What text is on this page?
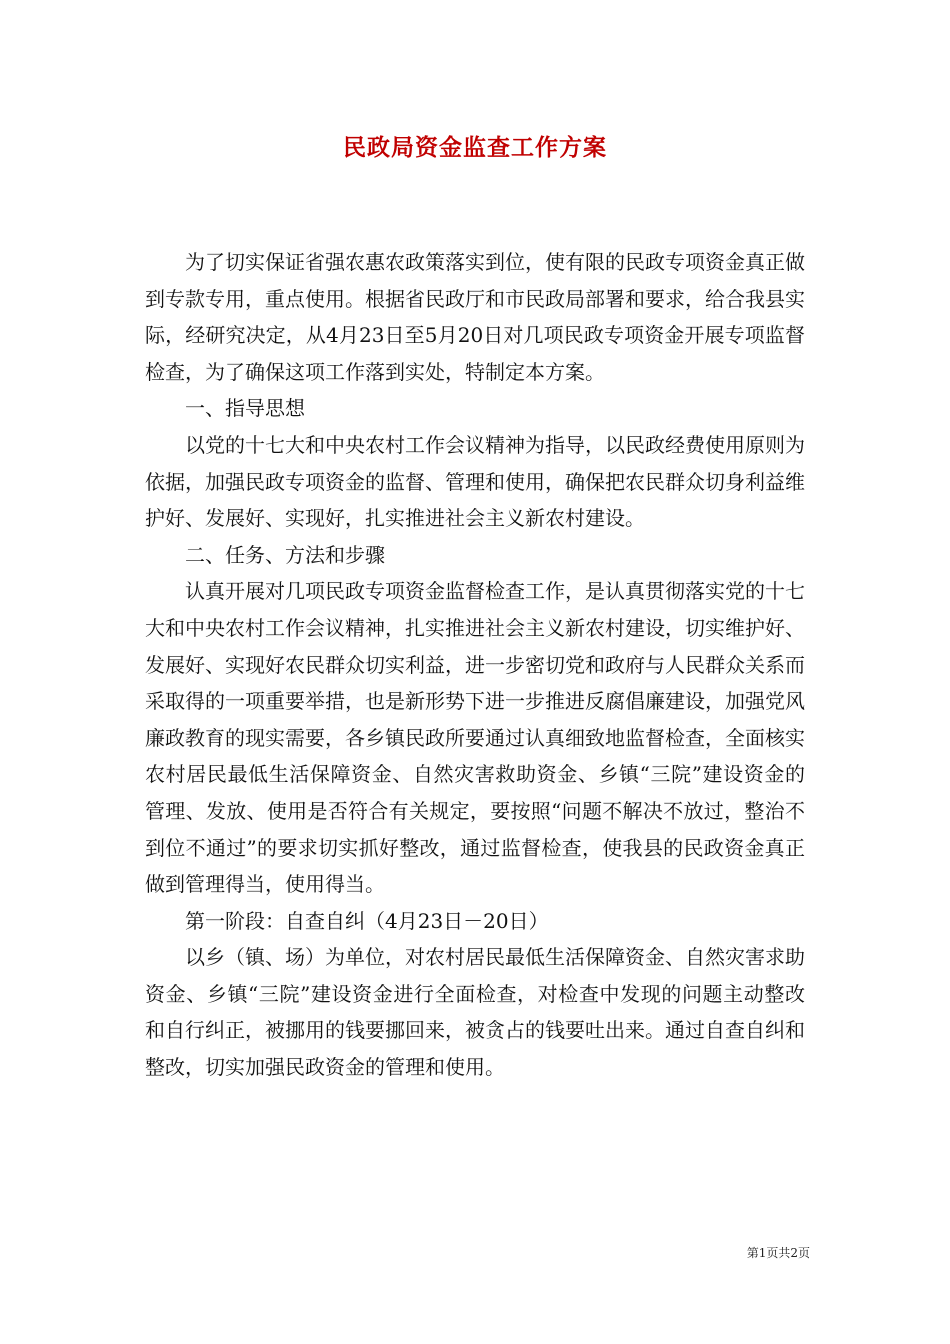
民政局资金监查工作方案

为了切实保证省强农惠农政策落实到位，使有限的民政专项资金真正做到专款专用，重点使用。根据省民政厅和市民政局部署和要求，给合我县实际，经研究决定，从4月23日至5月20日对几项民政专项资金开展专项监督检查，为了确保这项工作落到实处，特制定本方案。

一、指导思想

以党的十七大和中央农村工作会议精神为指导，以民政经费使用原则为依据，加强民政专项资金的监督、管理和使用，确保把农民群众切身利益维护好、发展好、实现好，扎实推进社会主义新农村建设。

二、任务、方法和步骤

认真开展对几项民政专项资金监督检查工作，是认真贯彻落实党的十七大和中央农村工作会议精神，扎实推进社会主义新农村建设，切实维护好、发展好、实现好农民群众切实利益，进一步密切党和政府与人民群众关系而采取得的一项重要举措，也是新形势下进一步推进反腐倡廉建设，加强党风廉政教育的现实需要，各乡镇民政所要通过认真细致地监督检查，全面核实农村居民最低生活保障资金、自然灾害救助资金、乡镇“三院”建设资金的管理、发放、使用是否符合有关规定，要按照“问题不解决不放过，整治不到位不通过”的要求切实抓好整改，通过监督检查，使我县的民政资金真正做到管理得当，使用得当。

第一阶段：自查自纠（4月23日－20日）

以乡（镇、场）为单位，对农村居民最低生活保障资金、自然灾害求助资金、乡镇“三院”建设资金进行全面检查，对检查中发现的问题主动整改和自行纠正，被挪用的钱要挪回来，被贪占的钱要吐出来。通过自查自纠和整改，切实加强民政资金的管理和使用。

第1页共2页
